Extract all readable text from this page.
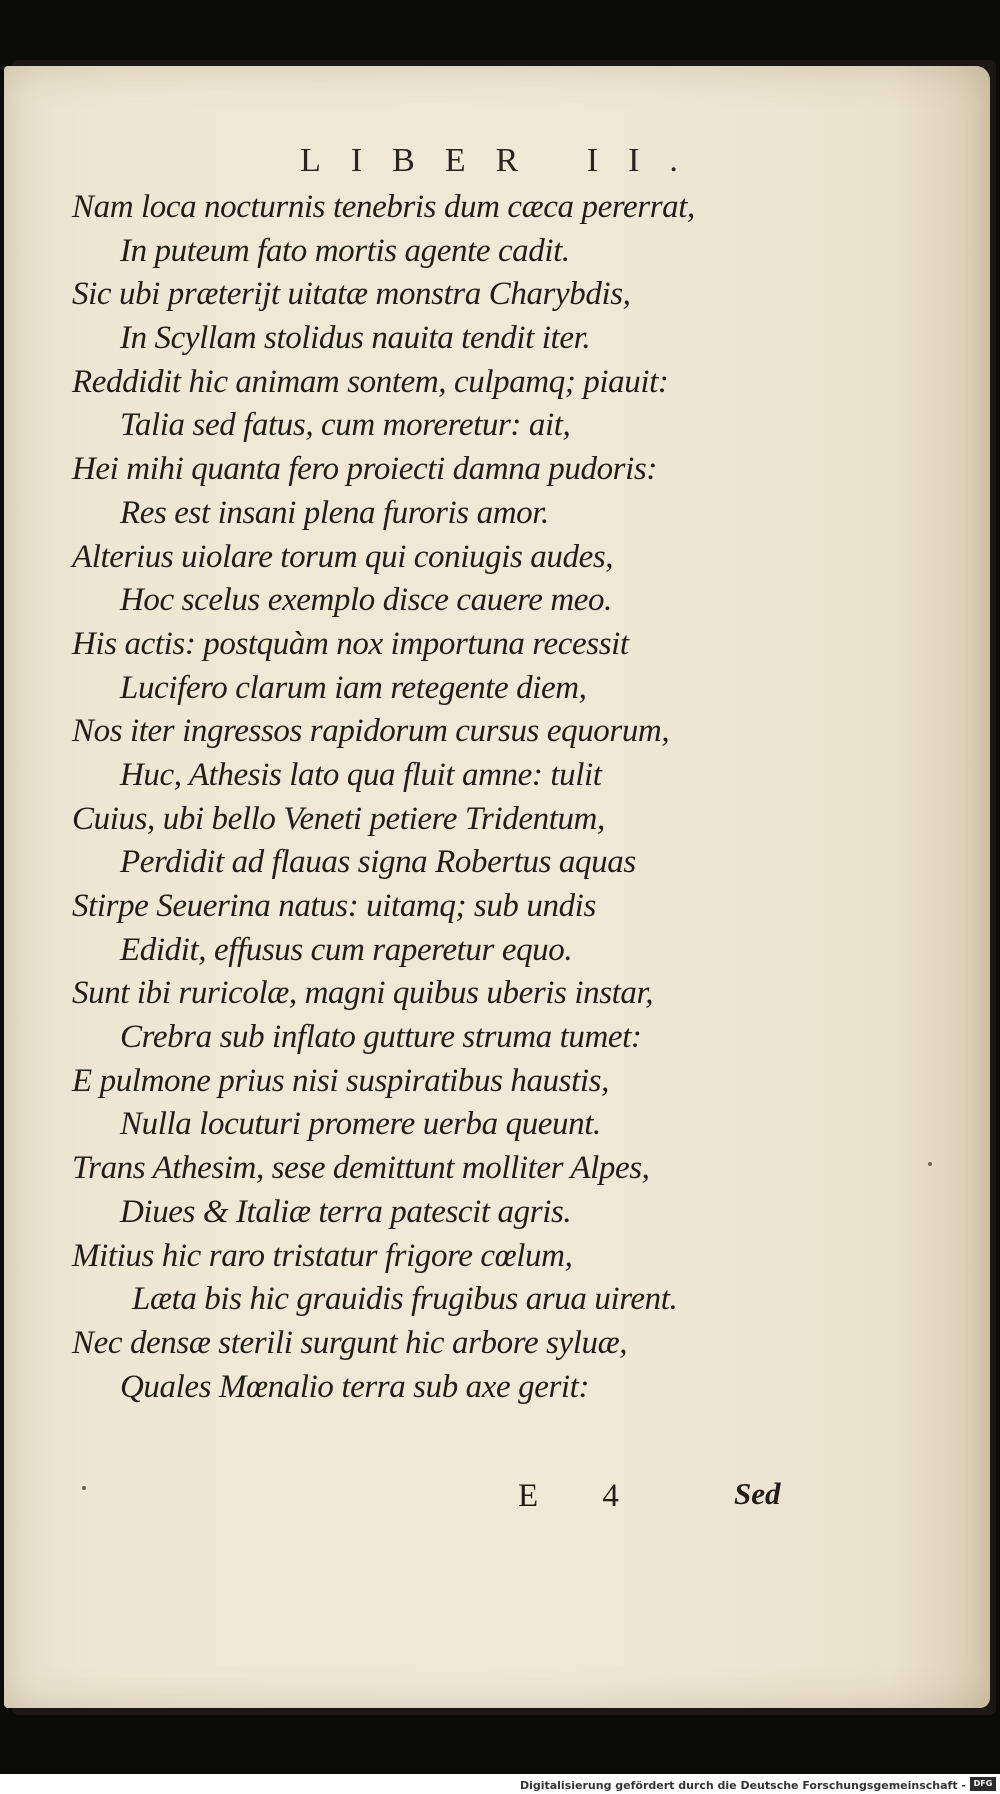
LIBER II.
Nam loca nocturnis tenebris dum cæca pererrat,
In puteum fato mortis agente cadit.
Sic ubi præterijt uitatæ monstra Charybdis,
In Scyllam stolidus nauita tendit iter.
Reddidit hic animam sontem, culpamq; piauit:
Talia sed fatus, cum moreretur: ait,
Hei mihi quanta fero proiecti damna pudoris:
Res est insani plena furoris amor.
Alterius uiolare torum qui coniugis audes,
Hoc scelus exemplo disce cauere meo.
His actis: postquàm nox importuna recessit
Lucifero clarum iam retegente diem,
Nos iter ingressos rapidorum cursus equorum,
Huc, Athesis lato qua fluit amne: tulit
Cuius, ubi bello Veneti petiere Tridentum,
Perdidit ad flauas signa Robertus aquas
Stirpe Seuerina natus: uitamq; sub undis
Edidit, effusus cum raperetur equo.
Sunt ibi ruricolæ, magni quibus uberis instar,
Crebra sub inflato gutture struma tumet:
E pulmone prius nisi suspiratibus haustis,
Nulla locuturi promere uerba queunt.
Trans Athesim, sese demittunt molliter Alpes,
Diues & Italiæ terra patescit agris.
Mitius hic raro tristatur frigore cœlum,
Læta bis hic grauidis frugibus arua uirent.
Nec densæ sterili surgunt hic arbore syluæ,
Quales Mœnalio terra sub axe gerit:
E 4	Sed
Digitalisierung gefördert durch die Deutsche Forschungsgemeinschaft - DFG
